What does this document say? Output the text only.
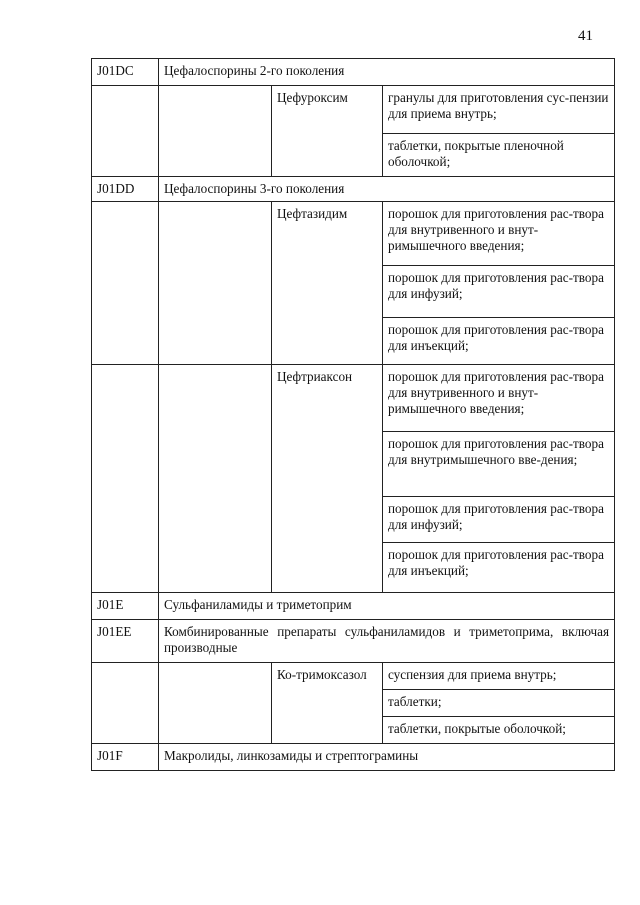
41
J01DC	Цефалоспорины 2-го поколения		
		Цефуроксим	гранулы для приготовления сус-пензии для приема внутрь;
			таблетки, покрытые пленочной оболочкой;
J01DD	Цефалоспорины 3-го поколения		
		Цефтазидим	порошок для приготовления рас-твора для внутривенного и внут-римышечного введения;
			порошок для приготовления рас-твора для инфузий;
			порошок для приготовления рас-твора для инъекций;
		Цефтриаксон	порошок для приготовления рас-твора для внутривенного и внут-римышечного введения;
			порошок для приготовления рас-твора для внутримышечного вве-дения;
			порошок для приготовления рас-твора для инфузий;
			порошок для приготовления рас-твора для инъекций;
J01E	Сульфаниламиды и триметоприм		
J01EE	Комбинированные препараты сульфаниламидов и триметоприма, включая производные		
		Ко-тримоксазол	суспензия для приема внутрь;
			таблетки;
			таблетки, покрытые оболочкой;
J01F	Макролиды, линкозамиды и стрептограмины		
